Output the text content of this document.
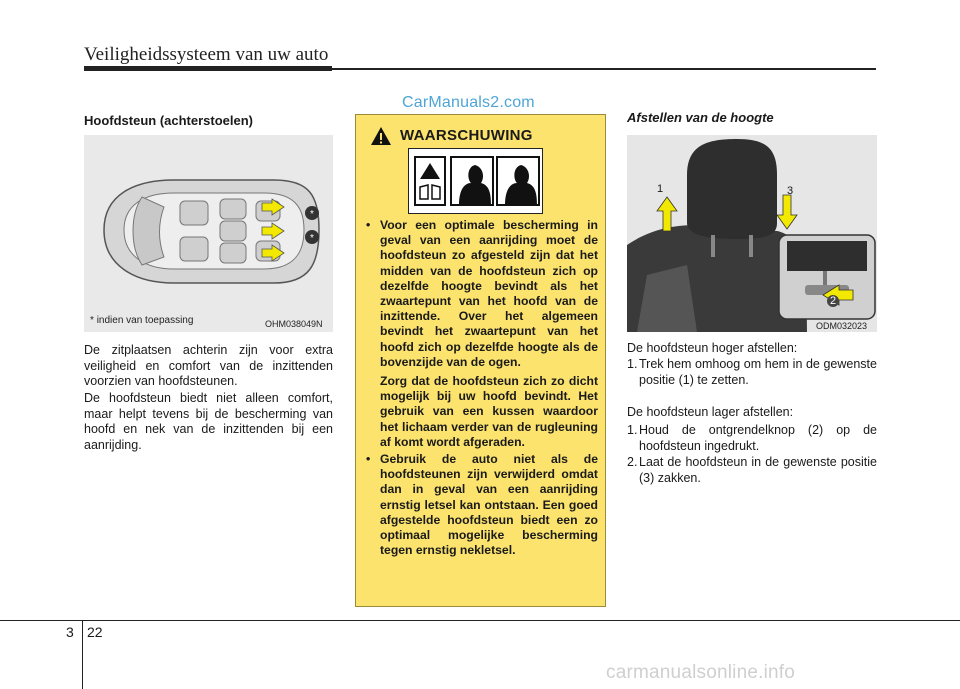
Veiligheidssysteem van uw auto
CarManuals2.com
Hoofdsteun (achterstoelen)
*
*
* indien van toepassing	OHM038049N
De zitplaatsen achterin zijn voor extra veiligheid en comfort van de inzittenden voorzien van hoofdsteunen.
De hoofdsteun biedt niet alleen comfort, maar helpt tevens bij de bescherming van hoofd en nek van de inzittenden bij een aanrijding.
WAARSCHUWING
• Voor een optimale bescherming in geval van een aanrijding moet de hoofdsteun zo afgesteld zijn dat het midden van de hoofdsteun zich op dezelfde hoogte bevindt als het zwaartepunt van het hoofd van de inzittende. Over het algemeen bevindt het zwaartepunt van het hoofd zich op dezelfde hoogte als de bovenzijde van de ogen.
Zorg dat de hoofdsteun zich zo dicht mogelijk bij uw hoofd bevindt. Het gebruik van een kussen waardoor het lichaam verder van de rugleuning af komt wordt afgeraden.
• Gebruik de auto niet als de hoofdsteunen zijn verwijderd omdat dan in geval van een aanrijding ernstig letsel kan ontstaan. Een goed afgestelde hoofdsteun biedt een zo optimaal mogelijke bescherming tegen ernstig nekletsel.
Afstellen van de hoogte
1
2
3
ODM032023
De hoofdsteun hoger afstellen:
1. Trek hem omhoog om hem in de gewenste positie (1) te zetten.
De hoofdsteun lager afstellen:
1. Houd de ontgrendelknop (2) op de hoofdsteun ingedrukt.
2. Laat de hoofdsteun in de gewenste positie (3) zakken.
3 22
carmanualsonline.info
